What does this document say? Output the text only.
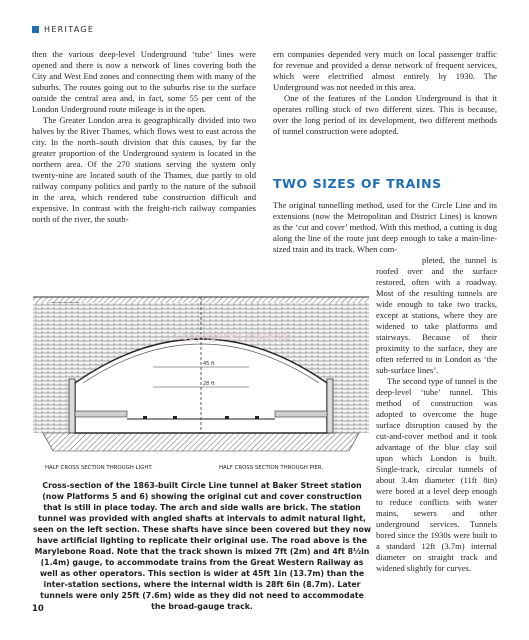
HERITAGE

then the various deep-level Underground ‘tube’ lines were opened and there is now a network of lines covering both the City and West End zones and connecting them with many of the suburbs. The routes going out to the suburbs rise to the surface outside the central area and, in fact, some 55 per cent of the London Underground route mileage is in the open.
The Greater London area is geographically divided into two halves by the River Thames, which flows west to east across the city. In the north–south division that this causes, by far the greater proportion of the Underground system is located in the northern area. Of the 270 stations serving the system only twenty-nine are located south of the Thames, due partly to old railway company politics and partly to the nature of the subsoil in the area, which rendered tube construction difficult and expensive. In contrast with the freight-rich railway companies north of the river, the south-

ern companies depended very much on local passenger traffic for revenue and provided a dense network of frequent services, which were electrified almost entirely by 1930. The Underground was not needed in this area.
One of the features of the London Underground is that it operates rolling stock of two different sizes. This is because, over the long period of its development, two different methods of tunnel construction were adopted.

TWO SIZES OF TRAINS

The original tunnelling method, used for the Circle Line and its extensions (now the Metropolitan and District Lines) is known as the ‘cut and cover’ method. With this method, a cutting is dug along the line of the route just deep enough to take a main-line-sized train and its track. When com-

pleted, the tunnel is roofed over and the surface restored, often with a roadway. Most of the resulting tunnels are wide enough to take two tracks, except at stations, where they are widened to take platforms and stairways. Because of their proximity to the surface, they are often referred to in London as ‘the sub-surface lines’.
The second type of tunnel is the deep-level ‘tube’ tunnel. This method of construction was adopted to overcome the huge surface disruption caused by the cut-and-cover method and it took advantage of the blue clay soil upon which London is built. Single-track, circular tunnels of about 3.4m diameter (11ft 8in) were bored at a level deep enough to reduce conflicts with water mains, sewers and other underground services. Tunnels bored since the 1930s were built to a standard 12ft (3.7m) internal diameter on straight track and widened slightly for curves.

45 ft
28 ft
HALF CROSS SECTION THROUGH LIGHT.	HALF CROSS SECTION THROUGH PIER.
Copyrighted material

Cross-section of the 1863-built Circle Line tunnel at Baker Street station (now Platforms 5 and 6) showing the original cut and cover construction that is still in place today. The arch and side walls are brick. The station tunnel was provided with angled shafts at intervals to admit natural light, seen on the left section. These shafts have since been covered but they now have artificial lighting to replicate their original use. The road above is the Marylebone Road. Note that the track shown is mixed 7ft (2m) and 4ft 8½in (1.4m) gauge, to accommodate trains from the Great Western Railway as well as other operators. This section is wider at 45ft 1in (13.7m) than the inter-station sections, where the internal width is 28ft 6in (8.7m). Later tunnels were only 25ft (7.6m) wide as they did not need to accommodate the broad-gauge track.

10
